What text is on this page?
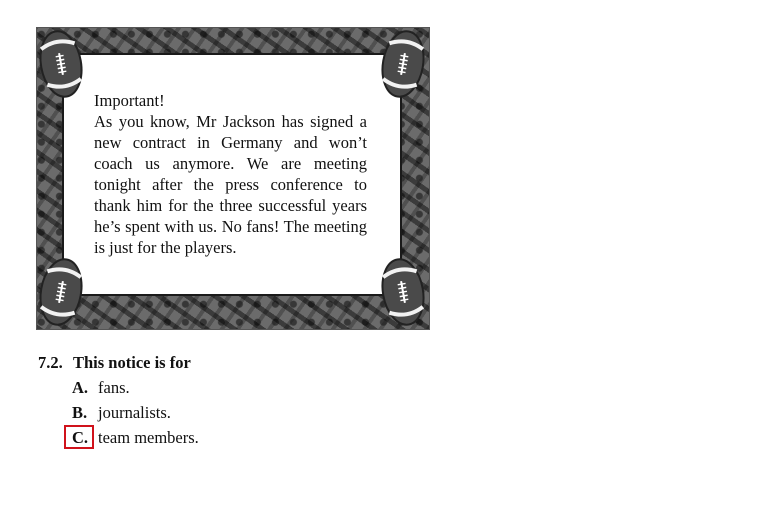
Important!
As you know, Mr Jackson has signed a new contract in Germany and won’t coach us anymore. We are meeting tonight after the press conference to thank him for the three successful years he’s spent with us. No fans! The meeting is just for the players.
7.2. This notice is for
A. fans.
B. journalists.
C. team members.
